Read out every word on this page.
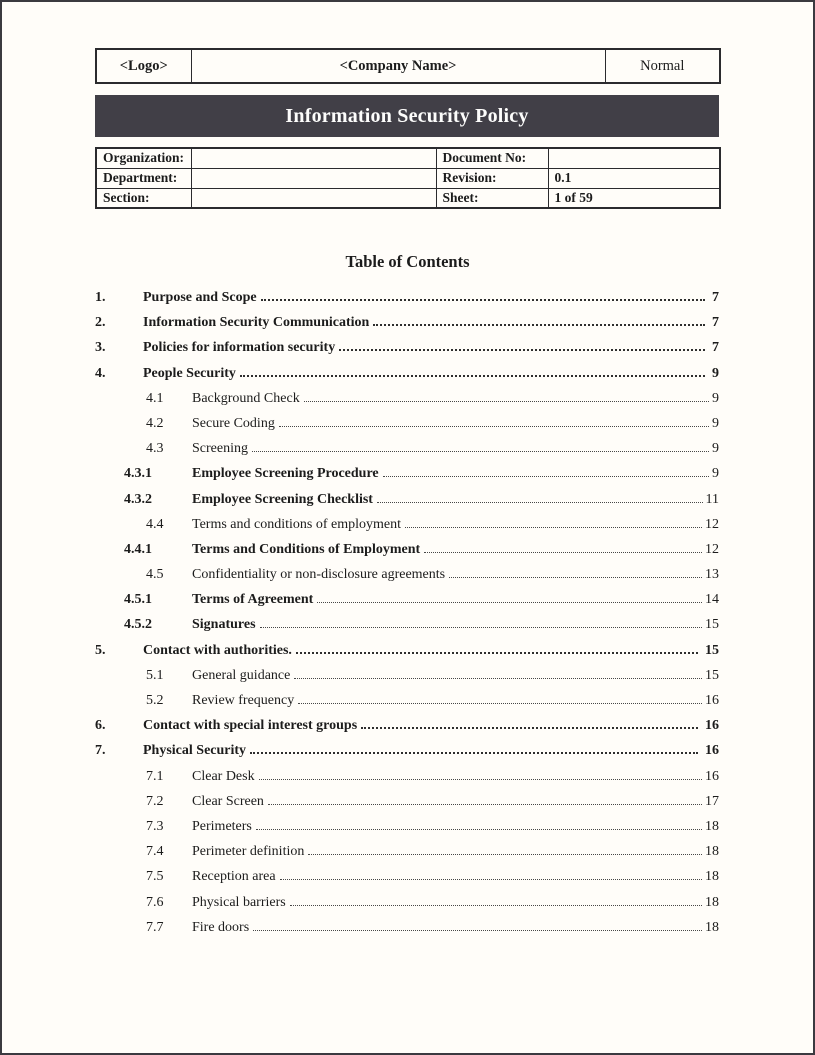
<Logo>	<Company Name>	Normal
Information Security Policy
Organization:		Document No:	
Department:		Revision:	0.1
Section:		Sheet:	1 of 59
Table of Contents
1.	Purpose and Scope	7
2.	Information Security Communication	7
3.	Policies for information security	7
4.	People Security	9
4.1	Background Check	9
4.2	Secure Coding	9
4.3	Screening	9
4.3.1	Employee Screening Procedure	9
4.3.2	Employee Screening Checklist	11
4.4	Terms and conditions of employment	12
4.4.1	Terms and Conditions of Employment	12
4.5	Confidentiality or non-disclosure agreements	13
4.5.1	Terms of Agreement	14
4.5.2	Signatures	15
5.	Contact with authorities.	15
5.1	General guidance	15
5.2	Review frequency	16
6.	Contact with special interest groups	16
7.	Physical Security	16
7.1	Clear Desk	16
7.2	Clear Screen	17
7.3	Perimeters	18
7.4	Perimeter definition	18
7.5	Reception area	18
7.6	Physical barriers	18
7.7	Fire doors	18
